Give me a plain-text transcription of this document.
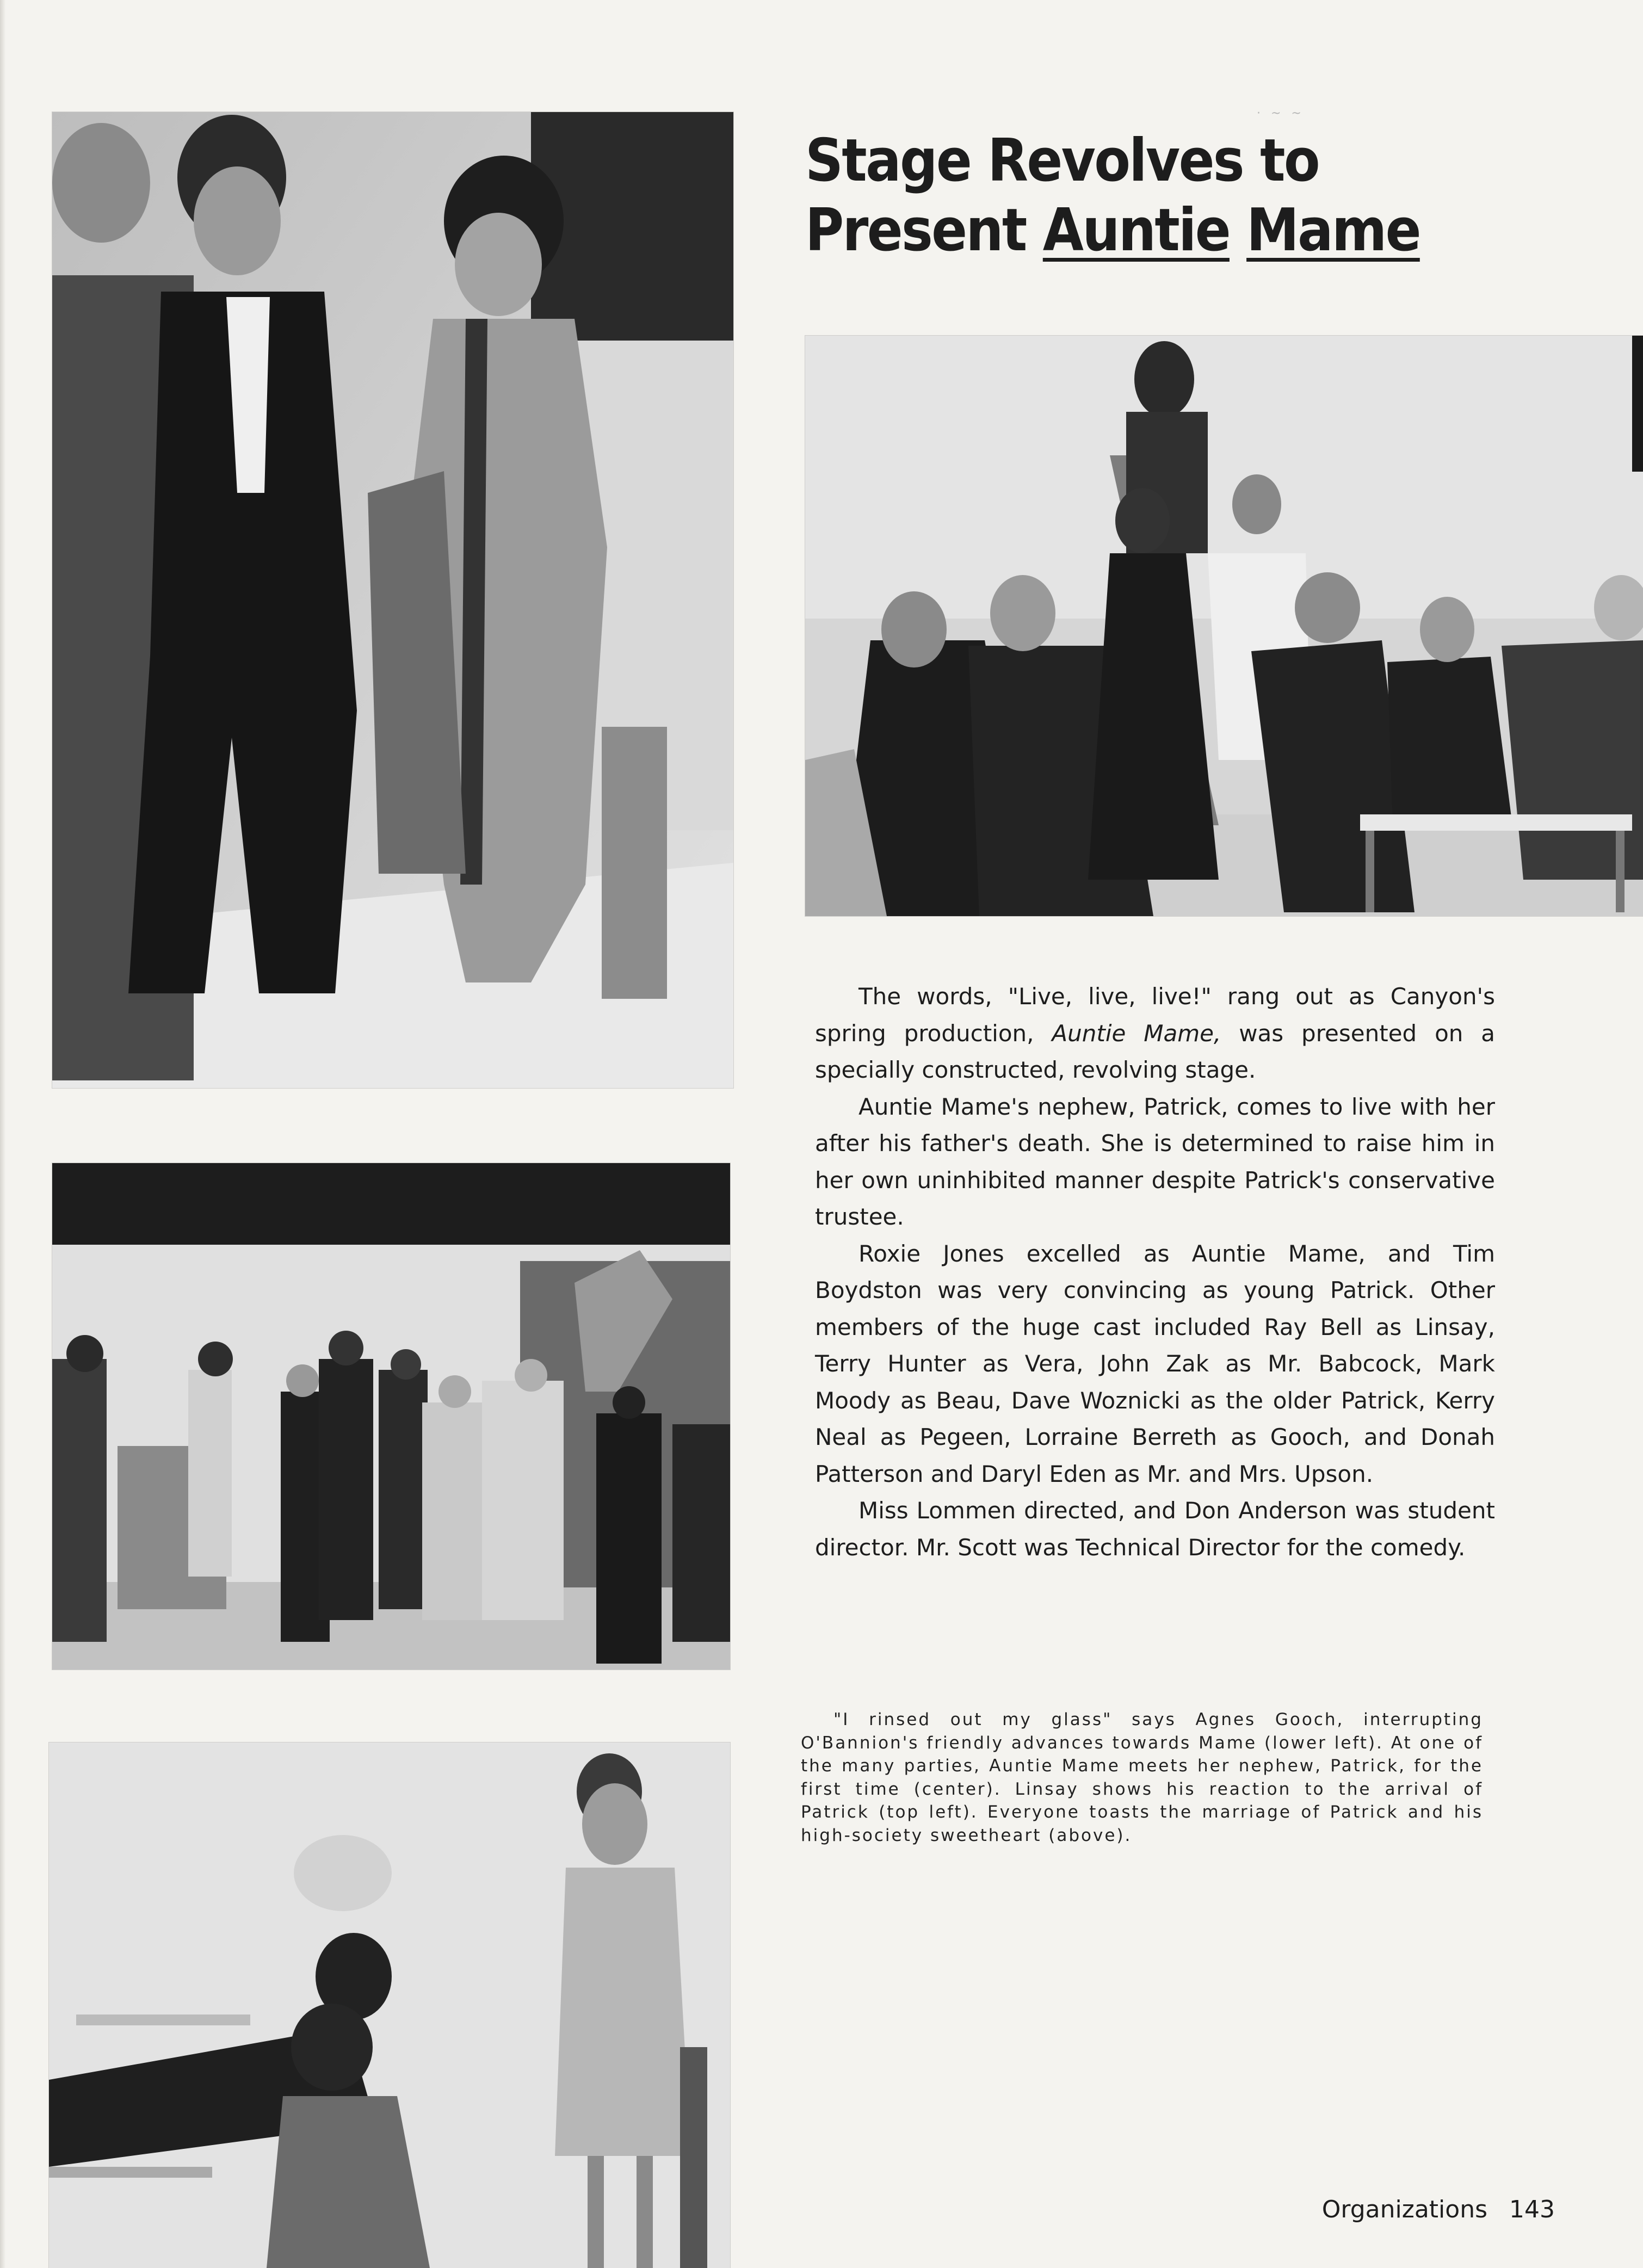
· ~ ~
Stage Revolves to
Present Auntie Mame

The words, "Live, live, live!" rang out as Canyon's spring production, Auntie Mame, was presented on a specially constructed, revolving stage.

Auntie Mame's nephew, Patrick, comes to live with her after his father's death. She is determined to raise him in her own uninhibited manner despite Patrick's conservative trustee.

Roxie Jones excelled as Auntie Mame, and Tim Boydston was very convincing as young Patrick. Other members of the huge cast included Ray Bell as Linsay, Terry Hunter as Vera, John Zak as Mr. Babcock, Mark Moody as Beau, Dave Woznicki as the older Patrick, Kerry Neal as Pegeen, Lorraine Berreth as Gooch, and Donah Patterson and Daryl Eden as Mr. and Mrs. Upson.

Miss Lommen directed, and Don Anderson was student director. Mr. Scott was Technical Director for the comedy.

"I rinsed out my glass" says Agnes Gooch, interrupting O'Bannion's friendly advances towards Mame (lower left). At one of the many parties, Auntie Mame meets her nephew, Patrick, for the first time (center). Linsay shows his reaction to the arrival of Patrick (top left). Everyone toasts the marriage of Patrick and his high-society sweetheart (above).

Organizations 143
